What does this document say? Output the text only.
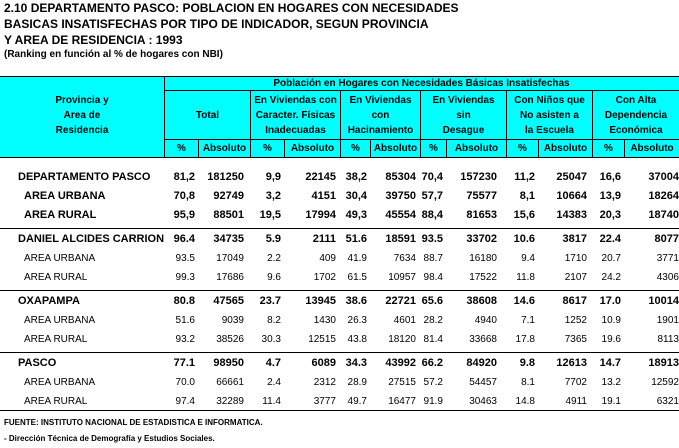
2.10 DEPARTAMENTO PASCO: POBLACION EN HOGARES CON NECESIDADES
BASICAS INSATISFECHAS POR TIPO DE INDICADOR, SEGUN PROVINCIA
Y AREA DE RESIDENCIA : 1993
(Ranking en función al % de hogares con NBI)
Población en Hogares con Necesidades Básicas Insatisfechas
Provincia y
Area de
Residencia
Total
En Viviendas con
Caracter. Físicas
Inadecuadas
En Viviendas
con
Hacinamiento
En Viviendas
sin
Desague
Con Niños que
No asisten a
la Escuela
Con Alta
Dependencia
Económica
%	Absoluto	%	Absoluto	%	Absoluto	%	Absoluto	%	Absoluto	%	Absoluto
DEPARTAMENTO PASCO 81,2 181250 9,9 22145 38,2 85304 70,4 157230 11,2 25047 16,6 37004
AREA URBANA	70,8 92749 3,2	4151 30,4 39750 57,7 75577 8,1 10664 13,9 18264
AREA RURAL	95,9 88501 19,5 17994 49,3 45554 88,4 81653 15,6 14383 20,3 18740
DANIEL ALCIDES CARRION 96.4 34735 5.9	2111 51.6 18591 93.5 33702 10.6	3817 22.4	8077
AREA URBANA	93.5 17049 2.2	409 41.9	7634 88.7	16180 9.4	1710 20.7	3771
AREA RURAL	99.3 17686 9.6	1702 61.5 10957 98.4	17522 11.8	2107 24.2	4306
OXAPAMPA	80.8 47565 23.7 13945 38.6 22721 65.6 38608 14.6	8617 17.0 10014
AREA URBANA	51.6	9039 8.2	1430 26.3	4601 28.2	4940 7.1	1252 10.9	1901
AREA RURAL	93.2 38526 30.3	12515 43.8 18120 81.4	33668 17.8	7365 19.6	8113
PASCO	77.1 98950 4.7	6089 34.3 43992 66.2 84920 9.8 12613 14.7 18913
AREA URBANA	70.0 66661 2.4	2312 28.9 27515 57.2	54457 8.1	7702 13.2	12592
AREA RURAL	97.4 32289 11.4	3777 49.7 16477 91.9	30463 14.8	4911 19.1	6321
FUENTE: INSTITUTO NACIONAL DE ESTADISTICA E INFORMATICA.
- Dirección Técnica de Demografía y Estudios Sociales.
